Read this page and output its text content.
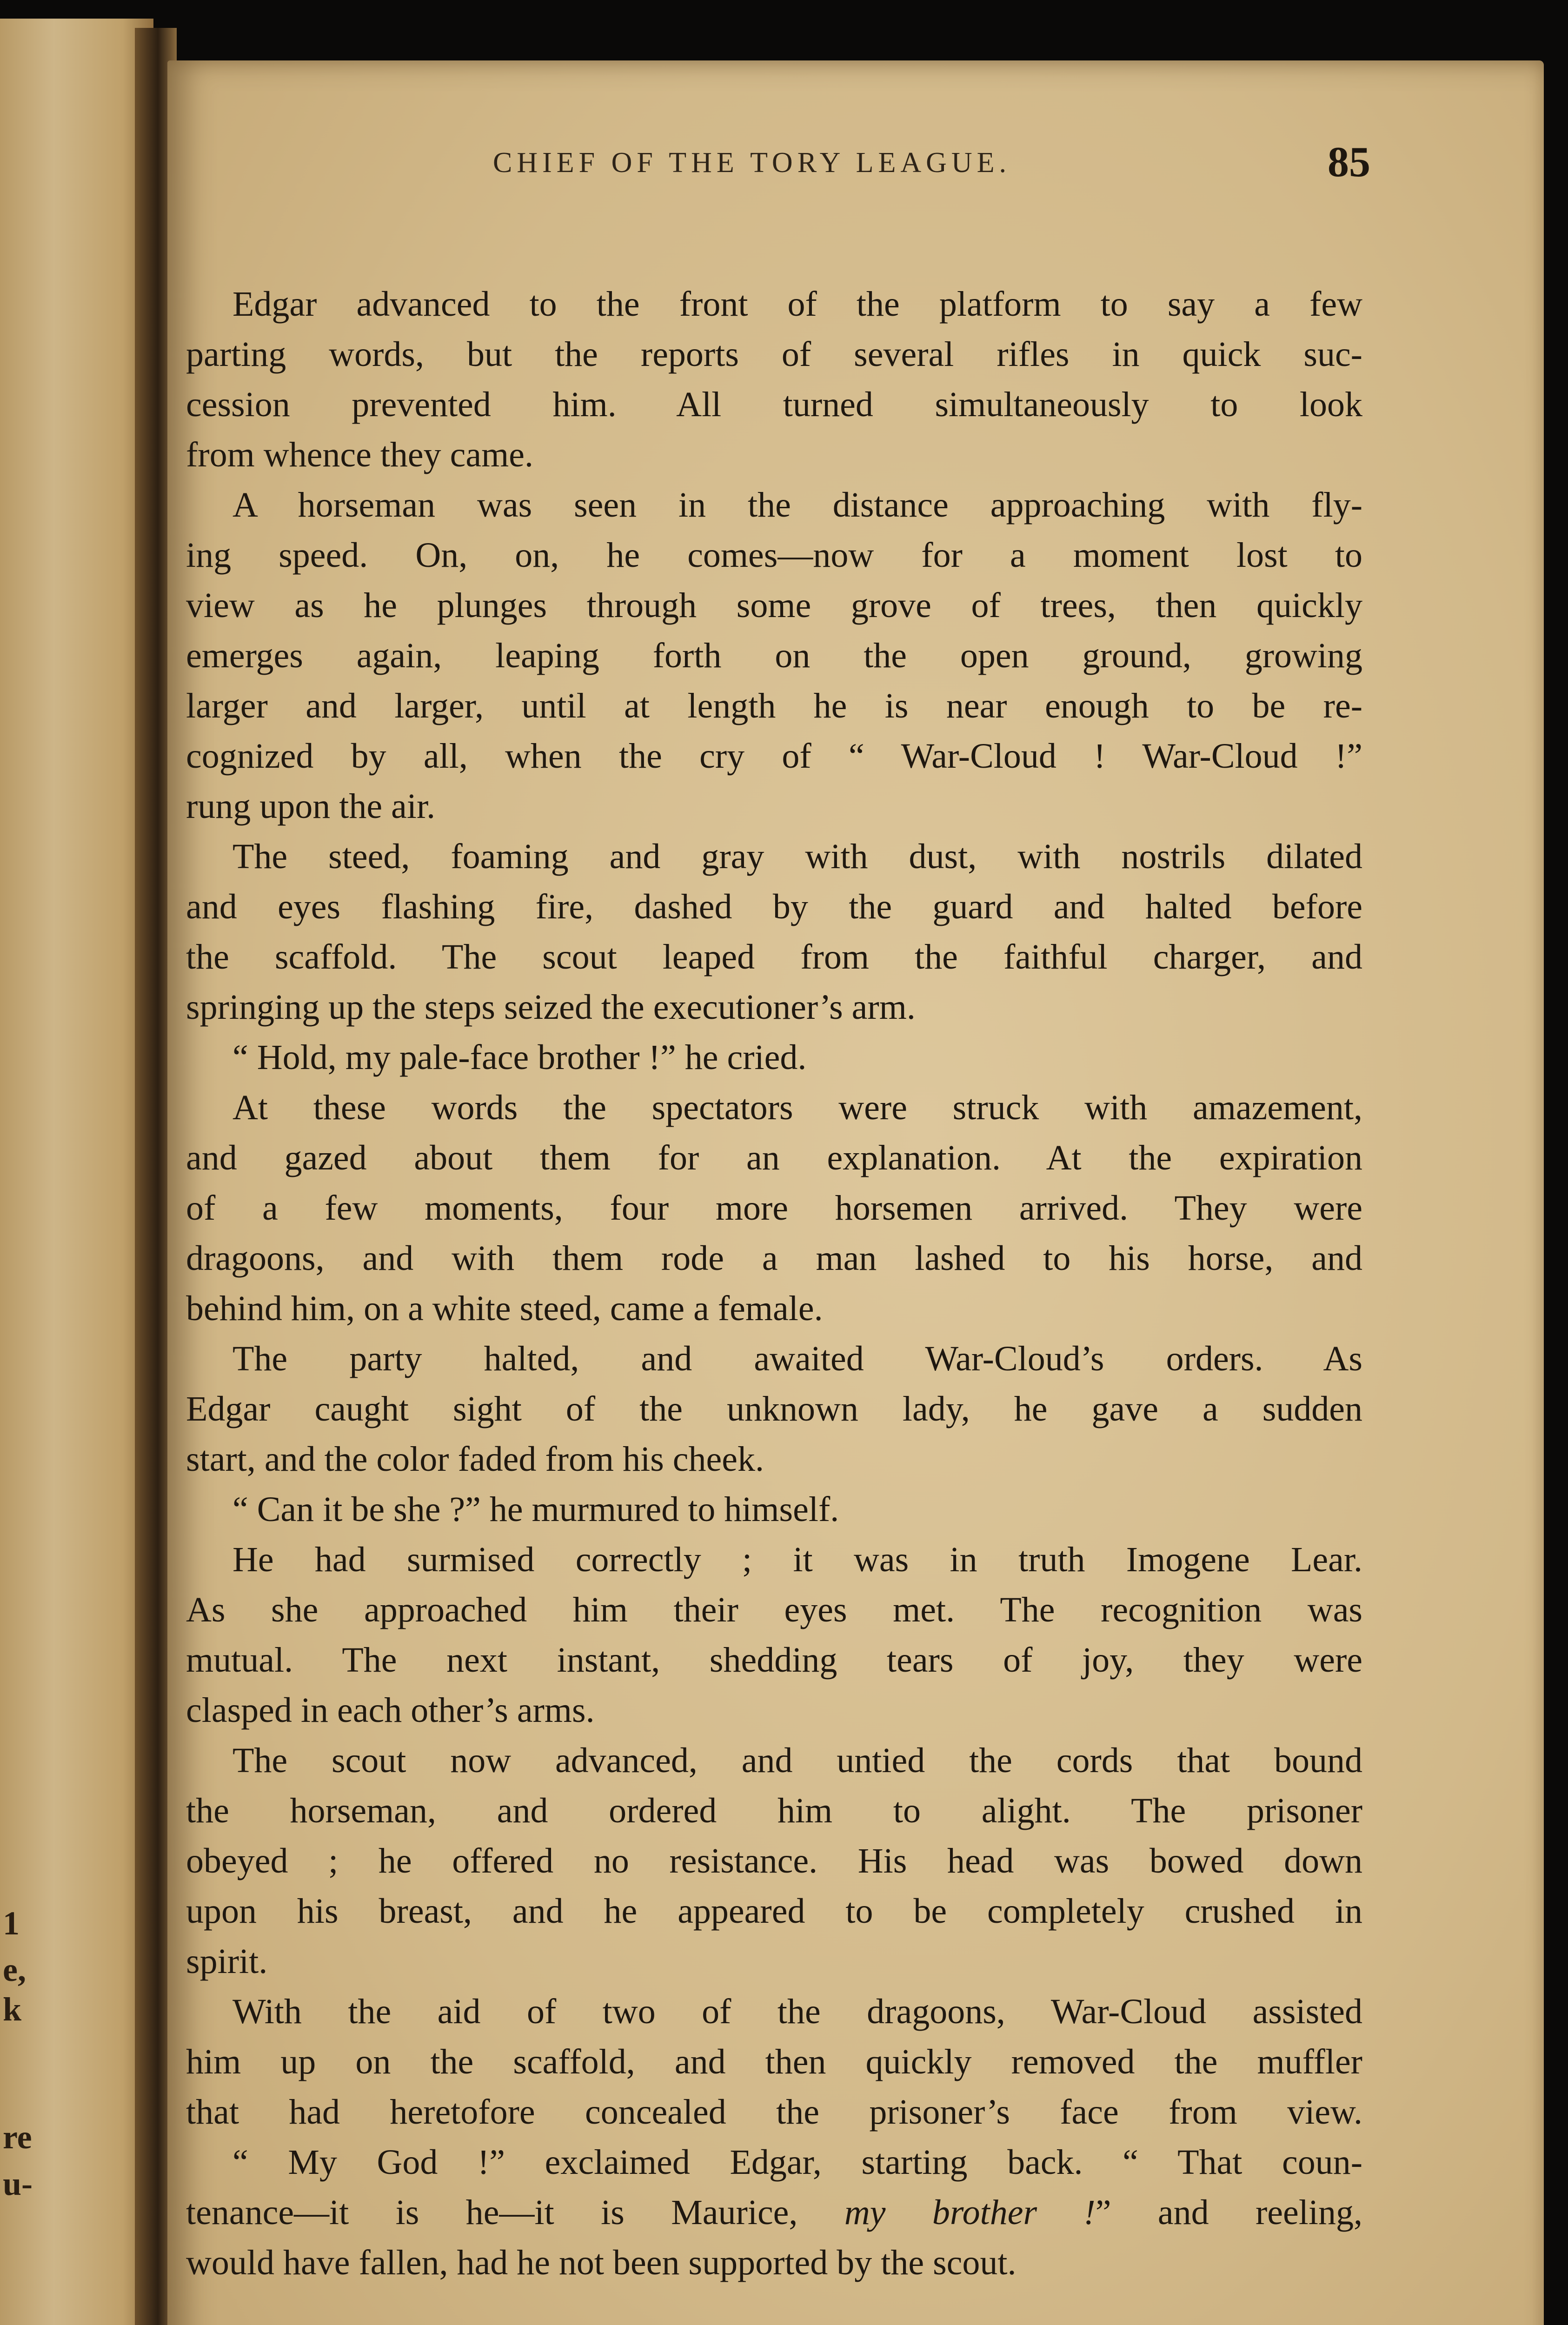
1
e,
k
re
u-
CHIEF OF THE TORY LEAGUE.	85
Edgar advanced to the front of the platform to say a few
parting words, but the reports of several rifles in quick suc-
cession prevented him. All turned simultaneously to look
from whence they came.
A horseman was seen in the distance approaching with fly-
ing speed. On, on, he comes—now for a moment lost to
view as he plunges through some grove of trees, then quickly
emerges again, leaping forth on the open ground, growing
larger and larger, until at length he is near enough to be re-
cognized by all, when the cry of “ War-Cloud ! War-Cloud !”
rung upon the air.
The steed, foaming and gray with dust, with nostrils dilated
and eyes flashing fire, dashed by the guard and halted before
the scaffold. The scout leaped from the faithful charger, and
springing up the steps seized the executioner’s arm.
“ Hold, my pale-face brother !” he cried.
At these words the spectators were struck with amazement,
and gazed about them for an explanation. At the expiration
of a few moments, four more horsemen arrived. They were
dragoons, and with them rode a man lashed to his horse, and
behind him, on a white steed, came a female.
The party halted, and awaited War-Cloud’s orders. As
Edgar caught sight of the unknown lady, he gave a sudden
start, and the color faded from his cheek.
“ Can it be she ?” he murmured to himself.
He had surmised correctly ; it was in truth Imogene Lear.
As she approached him their eyes met. The recognition was
mutual. The next instant, shedding tears of joy, they were
clasped in each other’s arms.
The scout now advanced, and untied the cords that bound
the horseman, and ordered him to alight. The prisoner
obeyed ; he offered no resistance. His head was bowed down
upon his breast, and he appeared to be completely crushed in
spirit.
With the aid of two of the dragoons, War-Cloud assisted
him up on the scaffold, and then quickly removed the muffler
that had heretofore concealed the prisoner’s face from view.
“ My God !” exclaimed Edgar, starting back. “ That coun-
tenance—it is he—it is Maurice, my brother !” and reeling,
would have fallen, had he not been supported by the scout.
